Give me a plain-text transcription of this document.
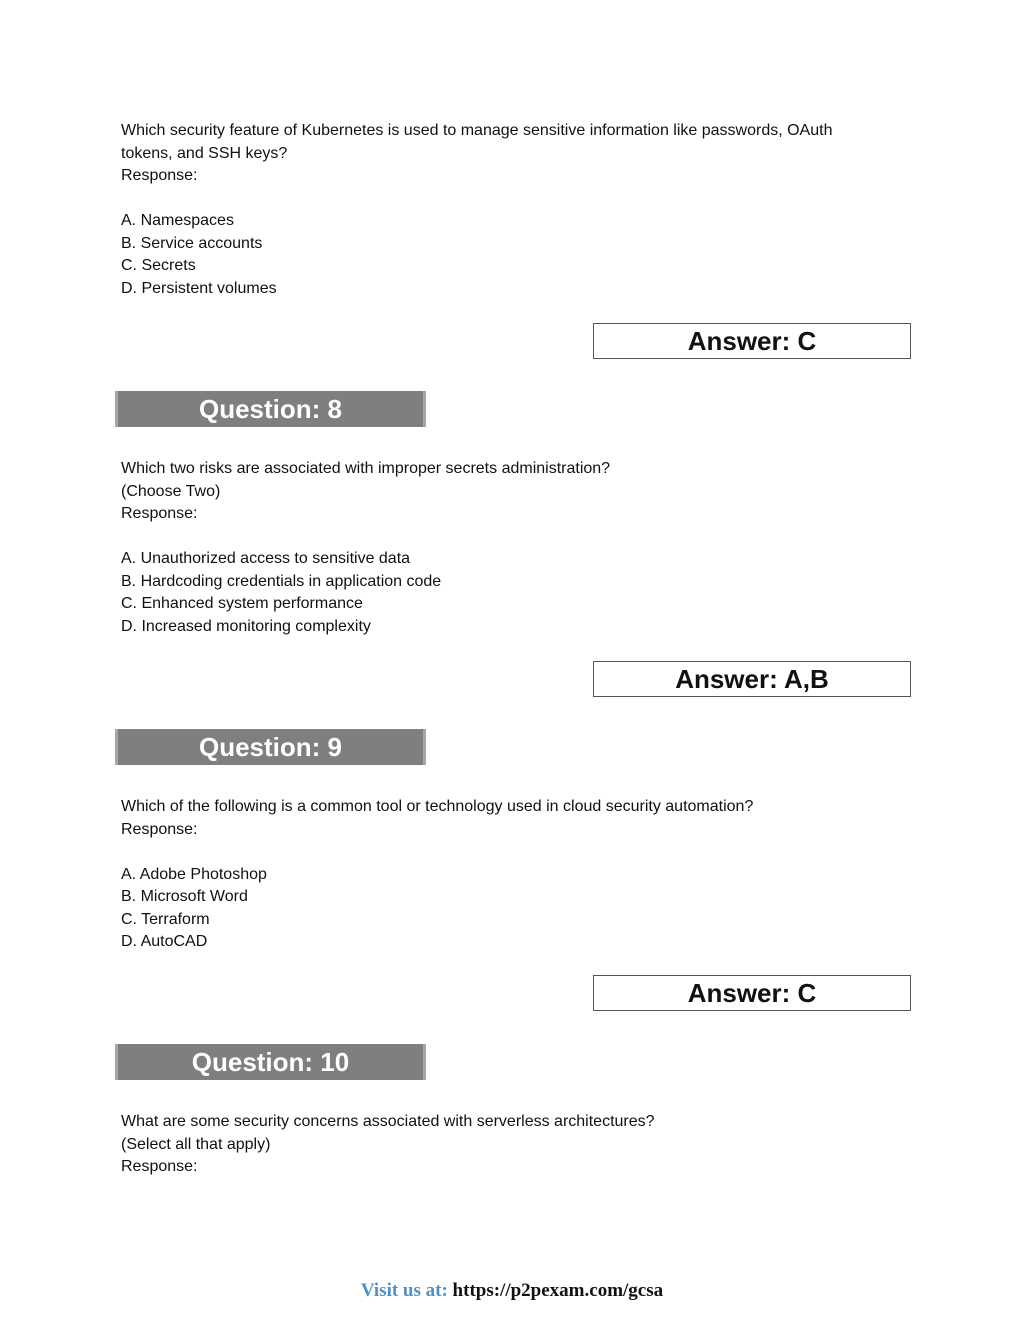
Which security feature of Kubernetes is used to manage sensitive information like passwords, OAuth
tokens, and SSH keys?
Response:
A. Namespaces
B. Service accounts
C. Secrets
D. Persistent volumes
Answer: C
Question: 8
Which two risks are associated with improper secrets administration?
(Choose Two)
Response:
A. Unauthorized access to sensitive data
B. Hardcoding credentials in application code
C. Enhanced system performance
D. Increased monitoring complexity
Answer: A,B
Question: 9
Which of the following is a common tool or technology used in cloud security automation?
Response:
A. Adobe Photoshop
B. Microsoft Word
C. Terraform
D. AutoCAD
Answer: C
Question: 10
What are some security concerns associated with serverless architectures?
(Select all that apply)
Response:
Visit us at: https://p2pexam.com/gcsa
